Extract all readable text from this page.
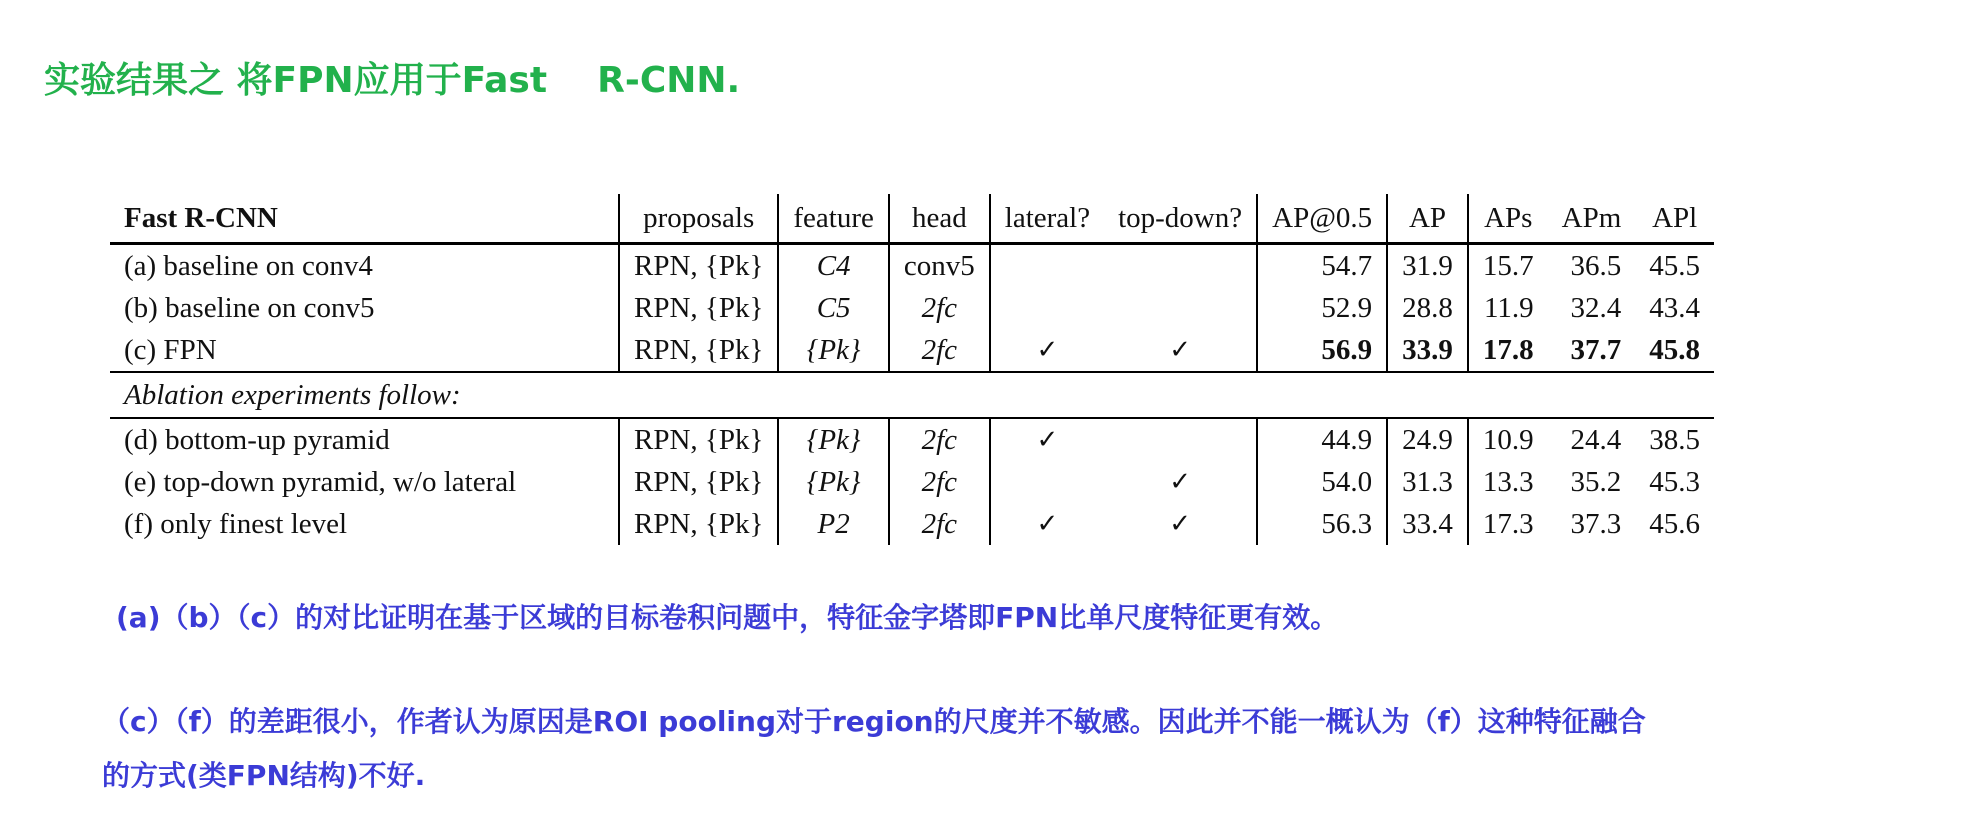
实验结果之 将FPN应用于Fast    R-CNN.
Fast R-CNN	proposals	feature	head	lateral?	top-down?	AP@0.5	AP	APs	APm	APl
(a) baseline on conv4	RPN, {Pk}	C4	conv5			54.7	31.9	15.7	36.5	45.5
(b) baseline on conv5	RPN, {Pk}	C5	2fc			52.9	28.8	11.9	32.4	43.4
(c) FPN	RPN, {Pk}	{Pk}	2fc	✓	✓	56.9	33.9	17.8	37.7	45.8
Ablation experiments follow:										
(d) bottom-up pyramid	RPN, {Pk}	{Pk}	2fc	✓		44.9	24.9	10.9	24.4	38.5
(e) top-down pyramid, w/o lateral	RPN, {Pk}	{Pk}	2fc		✓	54.0	31.3	13.3	35.2	45.3
(f) only finest level	RPN, {Pk}	P2	2fc	✓	✓	56.3	33.4	17.3	37.3	45.6
(a)（b）（c）的对比证明在基于区域的目标卷积问题中，特征金字塔即FPN比单尺度特征更有效。
（c）（f）的差距很小，作者认为原因是ROI pooling对于region的尺度并不敏感。因此并不能一概认为（f）这种特征融合
的方式(类FPN结构)不好.
